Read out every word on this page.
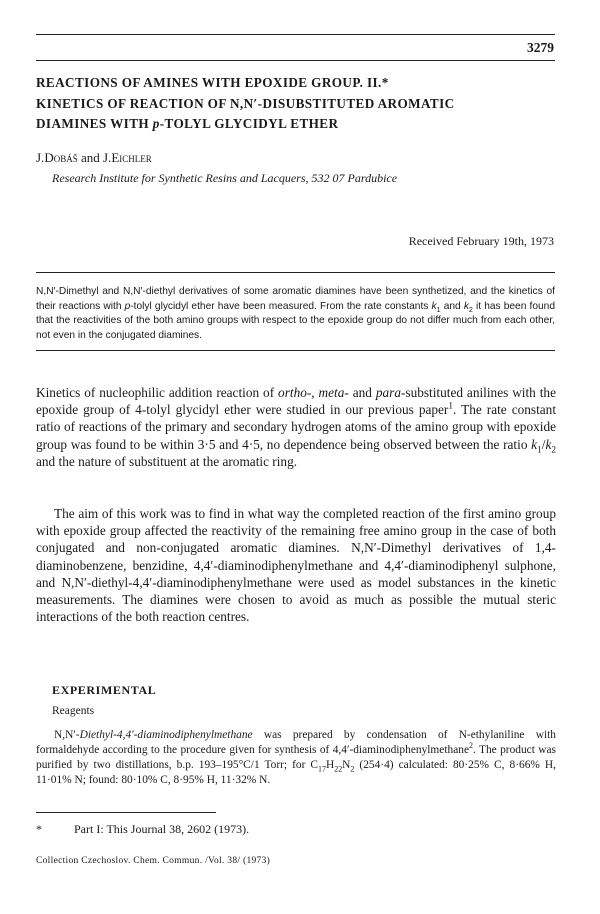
3279
REACTIONS OF AMINES WITH EPOXIDE GROUP. II.*
KINETICS OF REACTION OF N,N′-DISUBSTITUTED AROMATIC
DIAMINES WITH p-TOLYL GLYCIDYL ETHER
J.Dobáš and J.Eichler
Research Institute for Synthetic Resins and Lacquers, 532 07 Pardubice
Received February 19th, 1973
N,N′-Dimethyl and N,N′-diethyl derivatives of some aromatic diamines have been synthetized, and the kinetics of their reactions with p-tolyl glycidyl ether have been measured. From the rate constants $k_1$ and $k_2$ it has been found that the reactivities of the both amino groups with respect to the epoxide group do not differ much from each other, not even in the conjugated diamines.

Kinetics of nucleophilic addition reaction of ortho-, meta- and para-substituted anilines with the epoxide group of 4-tolyl glycidyl ether were studied in our previous paper$^1$. The rate constant ratio of reactions of the primary and secondary hydrogen atoms of the amino group with epoxide group was found to be within 3·5 and 4·5, no dependence being observed between the ratio $k_1/k_2$ and the nature of substituent at the aromatic ring.

The aim of this work was to find in what way the completed reaction of the first amino group with epoxide group affected the reactivity of the remaining free amino group in the case of both conjugated and non-conjugated aromatic diamines. N,N′-Dimethyl derivatives of 1,4-diaminobenzene, benzidine, 4,4′-diaminodiphenylmethane and 4,4′-diaminodiphenyl sulphone, and N,N′-diethyl-4,4′-diaminodiphenylmethane were used as model substances in the kinetic measurements. The diamines were chosen to avoid as much as possible the mutual steric interactions of the both reaction centres.

EXPERIMENTAL
Reagents

N,N′-Diethyl-4,4′-diaminodiphenylmethane was prepared by condensation of N-ethylaniline with formaldehyde according to the procedure given for synthesis of 4,4′-diaminodiphenylmethane$^2$. The product was purified by two distillations, b.p. 193–195°C/1 Torr; for $C_{17}H_{22}N_2$ (254·4) calculated: 80·25% C, 8·66% H, 11·01% N; found: 80·10% C, 8·95% H, 11·32% N.

*	Part I: This Journal 38, 2602 (1973).
Collection Czechoslov. Chem. Commun. /Vol. 38/ (1973)
